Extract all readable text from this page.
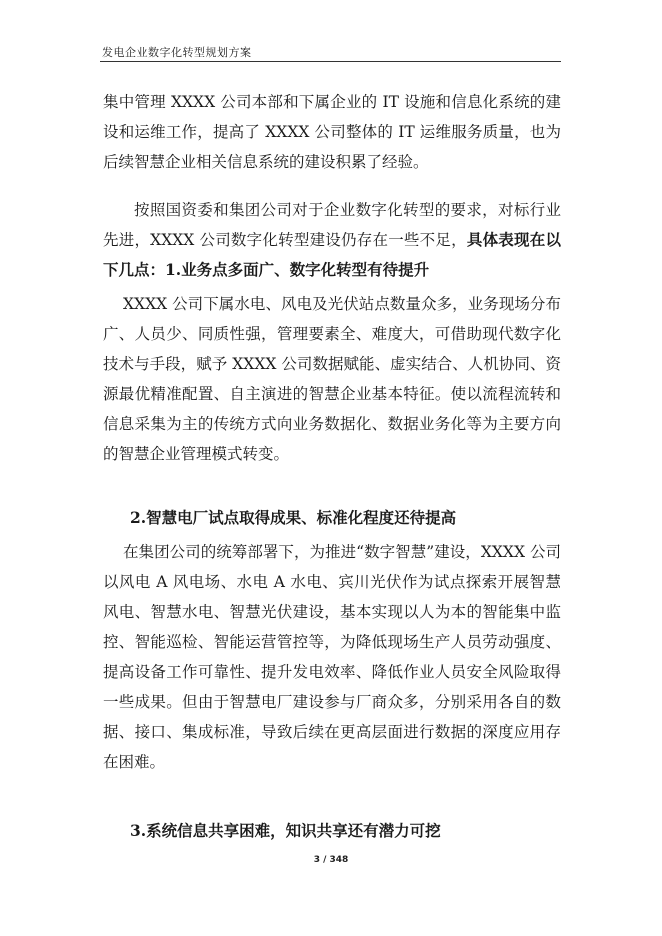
发电企业数字化转型规划方案

集中管理 XXXX 公司本部和下属企业的 IT 设施和信息化系统的建设和运维工作，提高了 XXXX 公司整体的 IT 运维服务质量，也为后续智慧企业相关信息系统的建设积累了经验。

按照国资委和集团公司对于企业数字化转型的要求，对标行业先进，XXXX 公司数字化转型建设仍存在一些不足，具体表现在以下几点：1.业务点多面广、数字化转型有待提升

XXXX 公司下属水电、风电及光伏站点数量众多，业务现场分布广、人员少、同质性强，管理要素全、难度大，可借助现代数字化技术与手段，赋予 XXXX 公司数据赋能、虚实结合、人机协同、资源最优精准配置、自主演进的智慧企业基本特征。使以流程流转和信息采集为主的传统方式向业务数据化、数据业务化等为主要方向的智慧企业管理模式转变。

2.智慧电厂试点取得成果、标准化程度还待提高

在集团公司的统筹部署下，为推进“数字智慧”建设，XXXX 公司以风电 A 风电场、水电 A 水电、宾川光伏作为试点探索开展智慧风电、智慧水电、智慧光伏建设，基本实现以人为本的智能集中监控、智能巡检、智能运营管控等，为降低现场生产人员劳动强度、提高设备工作可靠性、提升发电效率、降低作业人员安全风险取得一些成果。但由于智慧电厂建设参与厂商众多，分别采用各自的数据、接口、集成标准，导致后续在更高层面进行数据的深度应用存在困难。

3.系统信息共享困难，知识共享还有潜力可挖

3 / 348
